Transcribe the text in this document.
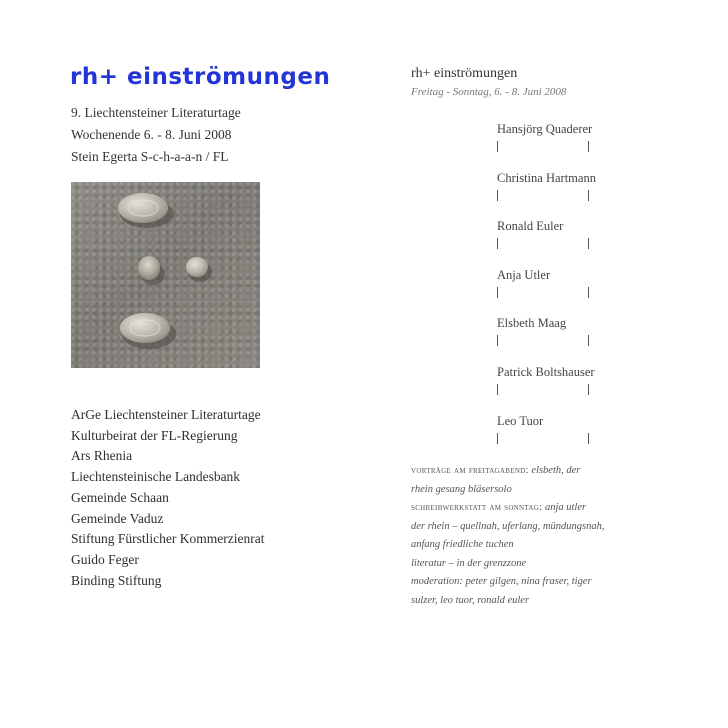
rh+ einströmungen
9. Liechtensteiner Literaturtage
Wochenende 6. - 8. Juni 2008
Stein Egerta S-c-h-a-a-n / FL
ArGe Liechtensteiner Literaturtage
Kulturbeirat der FL-Regierung
Ars Rhenia
Liechtensteinische Landesbank
Gemeinde Schaan
Gemeinde Vaduz
Stiftung Fürstlicher Kommerzienrat
Guido Feger
Binding Stiftung
rh+ einströmungen
Freitag - Sonntag, 6. - 8. Juni 2008
Hansjörg Quaderer
Christina Hartmann
Ronald Euler
Anja Utler
Elsbeth Maag
Patrick Boltshauser
Leo Tuor
vorträge am freitagabend: elsbeth, der
rhein gesang bläsersolo
schreibwerkstatt am sonntag: anja utler
der rhein – quellnah, uferlang, mündungsnah,
anfang friedliche tuchen
literatur – in der grenzzone
moderation: peter gilgen, nina fraser, tiger
sulzer, leo tuor, ronald euler
